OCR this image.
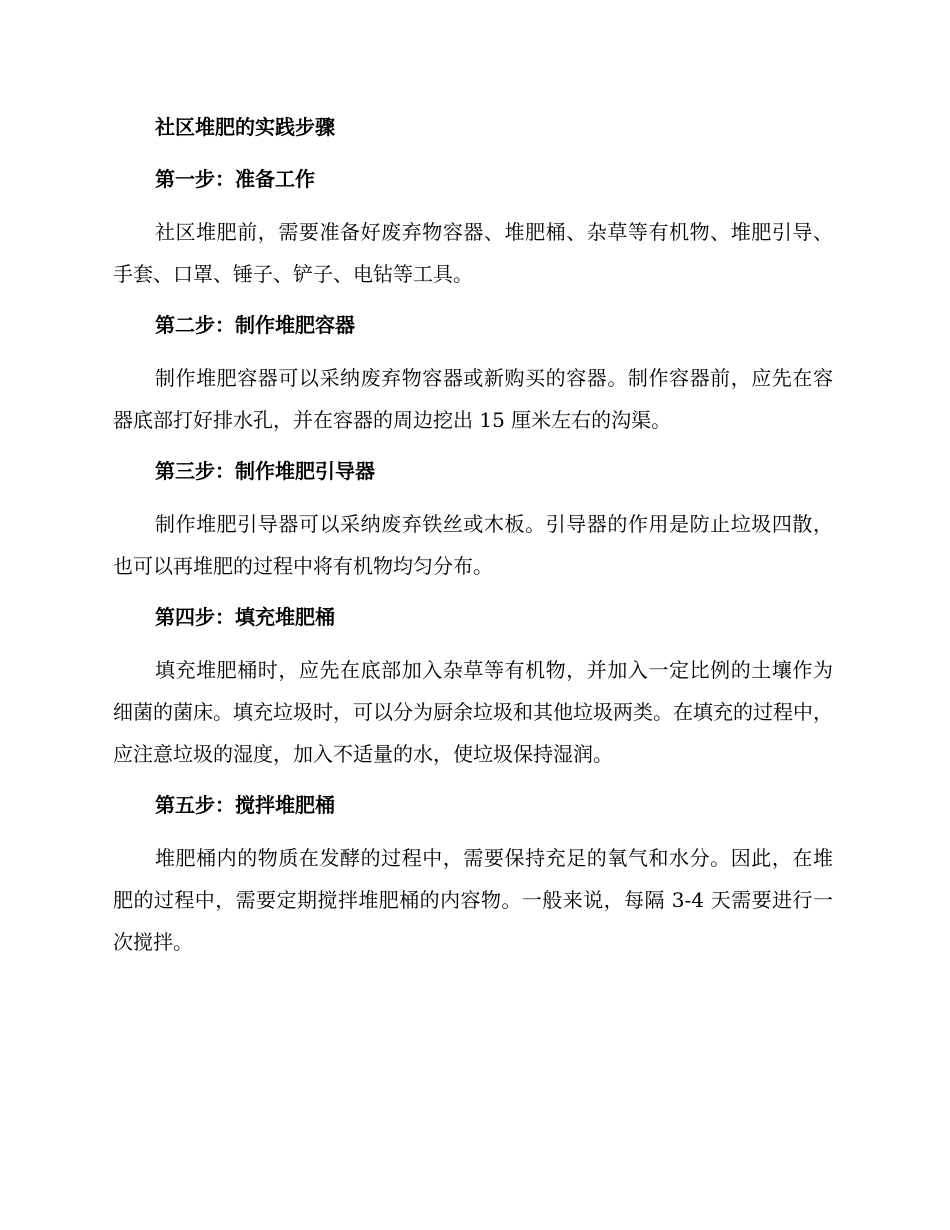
社区堆肥的实践步骤
第一步：准备工作

社区堆肥前，需要准备好废弃物容器、堆肥桶、杂草等有机物、堆肥引导、手套、口罩、锤子、铲子、电钻等工具。

第二步：制作堆肥容器

制作堆肥容器可以采纳废弃物容器或新购买的容器。制作容器前，应先在容器底部打好排水孔，并在容器的周边挖出 15 厘米左右的沟渠。

第三步：制作堆肥引导器

制作堆肥引导器可以采纳废弃铁丝或木板。引导器的作用是防止垃圾四散，也可以再堆肥的过程中将有机物均匀分布。

第四步：填充堆肥桶

填充堆肥桶时，应先在底部加入杂草等有机物，并加入一定比例的土壤作为细菌的菌床。填充垃圾时，可以分为厨余垃圾和其他垃圾两类。在填充的过程中，应注意垃圾的湿度，加入不适量的水，使垃圾保持湿润。

第五步：搅拌堆肥桶

堆肥桶内的物质在发酵的过程中，需要保持充足的氧气和水分。因此，在堆肥的过程中，需要定期搅拌堆肥桶的内容物。一般来说，每隔 3-4 天需要进行一次搅拌。
